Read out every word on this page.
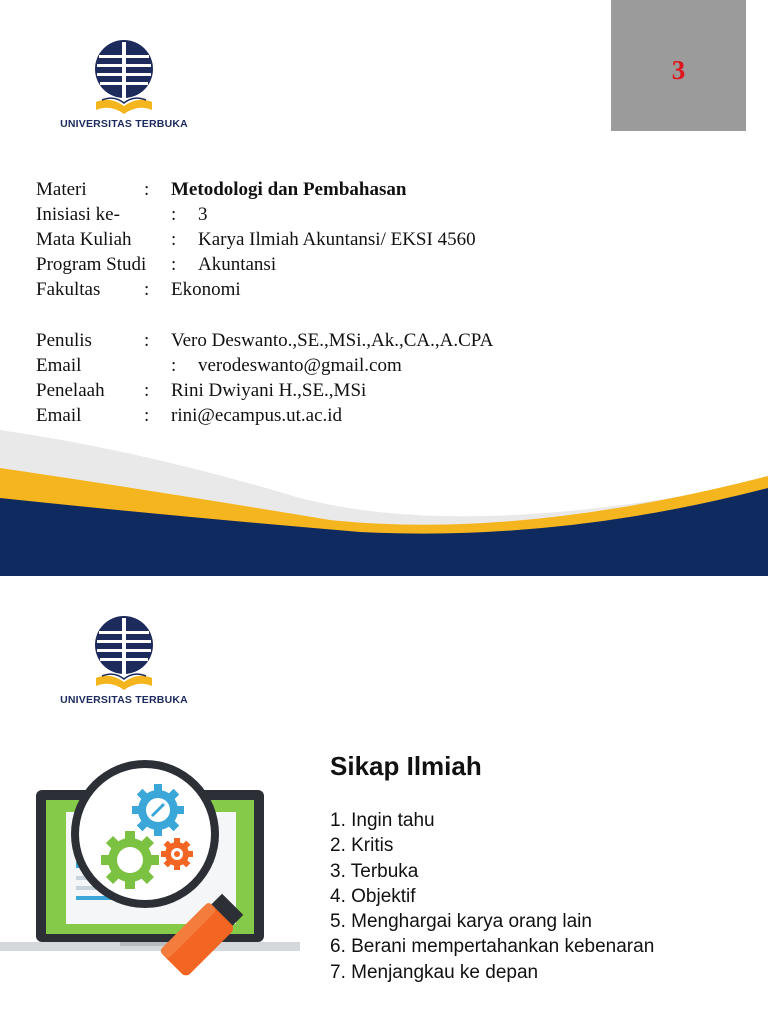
UNIVERSITAS TERBUKA
3
Materi	: Metodologi dan Pembahasan
Inisiasi ke-	: 3
Mata Kuliah : Karya Ilmiah Akuntansi/ EKSI 4560
Program Studi : Akuntansi
Fakultas : Ekonomi
Penulis	: Vero Deswanto.,SE.,MSi.,Ak.,CA.,A.CPA
Email	: verodeswanto@gmail.com
Penelaah : Rini Dwiyani H.,SE.,MSi
Email	: rini@ecampus.ut.ac.id
UNIVERSITAS TERBUKA
Sikap Ilmiah
1. Ingin tahu
2. Kritis
3. Terbuka
4. Objektif
5. Menghargai karya orang lain
6. Berani mempertahankan kebenaran
7. Menjangkau ke depan
